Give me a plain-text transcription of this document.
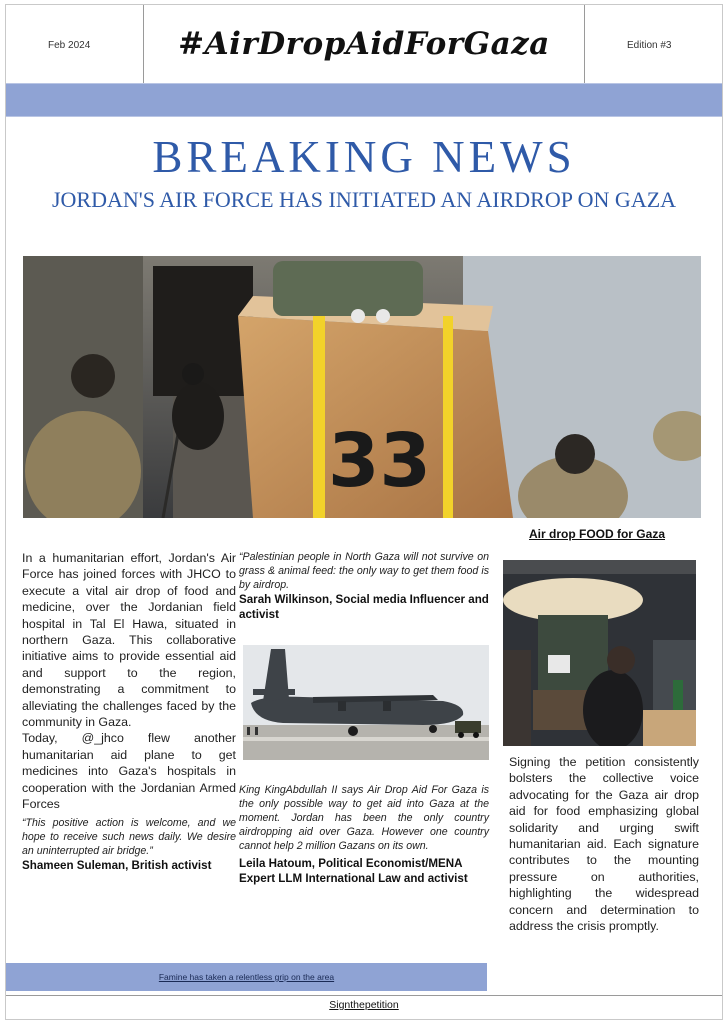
Feb 2024	#AirDropAidForGaza	Edition #3
BREAKING NEWS
JORDAN'S AIR FORCE HAS INITIATED AN AIRDROP ON GAZA
33
Air drop FOOD for Gaza

In a humanitarian effort, Jordan's Air Force has joined forces with JHCO to execute a vital air drop of food and medicine, over the Jordanian field hospital in Tal El Hawa, situated in northern Gaza. This collaborative initiative aims to provide essential aid and support to the region, demonstrating a commitment to alleviating the challenges faced by the community in Gaza.

Today, @_jhco flew another humanitarian aid plane to get medicines into Gaza's hospitals in cooperation with the Jordanian Armed Forces

“This positive action is welcome, and we hope to receive such news daily. We desire an uninterrupted air bridge.”

Shameen Suleman, British activist

“Palestinian people in North Gaza will not survive on grass & animal feed: the only way to get them food is by airdrop.

Sarah Wilkinson, Social media Influencer and activist

King KingAbdullah II says Air Drop Aid For Gaza is the only possible way to get aid into Gaza at the moment. Jordan has been the only country airdropping aid over Gaza. However one country cannot help 2 million Gazans on its own.

Leila Hatoum, Political Economist/MENA Expert LLM International Law and activist

Signing the petition consistently bolsters the collective voice advocating for the Gaza air drop aid for food emphasizing global solidarity and urging swift humanitarian aid. Each signature contributes to the mounting pressure on authorities, highlighting the widespread concern and determination to address the crisis promptly.

Famine has taken a relentless grip on the area
Signthepetition
